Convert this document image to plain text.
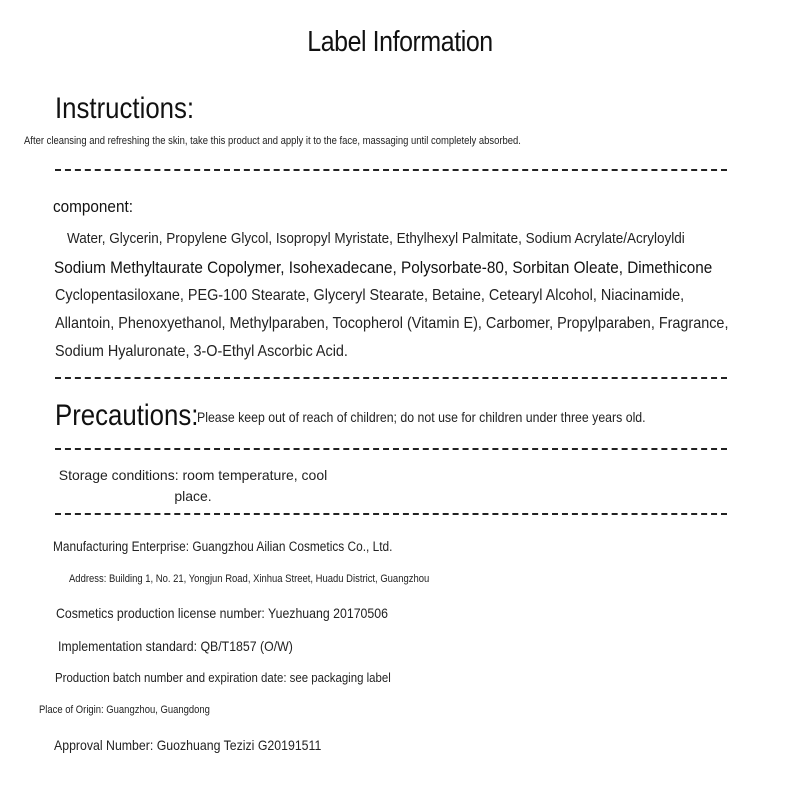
Label Information
Instructions:
After cleansing and refreshing the skin, take this product and apply it to the face, massaging until completely absorbed.
component:
Water, Glycerin, Propylene Glycol, Isopropyl Myristate, Ethylhexyl Palmitate, Sodium Acrylate/Acryloyldi
Sodium Methyltaurate Copolymer, Isohexadecane, Polysorbate-80, Sorbitan Oleate, Dimethicone
Cyclopentasiloxane, PEG-100 Stearate, Glyceryl Stearate, Betaine, Cetearyl Alcohol, Niacinamide,
Allantoin, Phenoxyethanol, Methylparaben, Tocopherol (Vitamin E), Carbomer, Propylparaben, Fragrance,
Sodium Hyaluronate, 3-O-Ethyl Ascorbic Acid.
Precautions:
Please keep out of reach of children; do not use for children under three years old.
Storage conditions: room temperature, cool place.
Manufacturing Enterprise: Guangzhou Ailian Cosmetics Co., Ltd.
Address: Building 1, No. 21, Yongjun Road, Xinhua Street, Huadu District, Guangzhou
Cosmetics production license number: Yuezhuang 20170506
Implementation standard: QB/T1857 (O/W)
Production batch number and expiration date: see packaging label
Place of Origin: Guangzhou, Guangdong
Approval Number: Guozhuang Tezizi G20191511
